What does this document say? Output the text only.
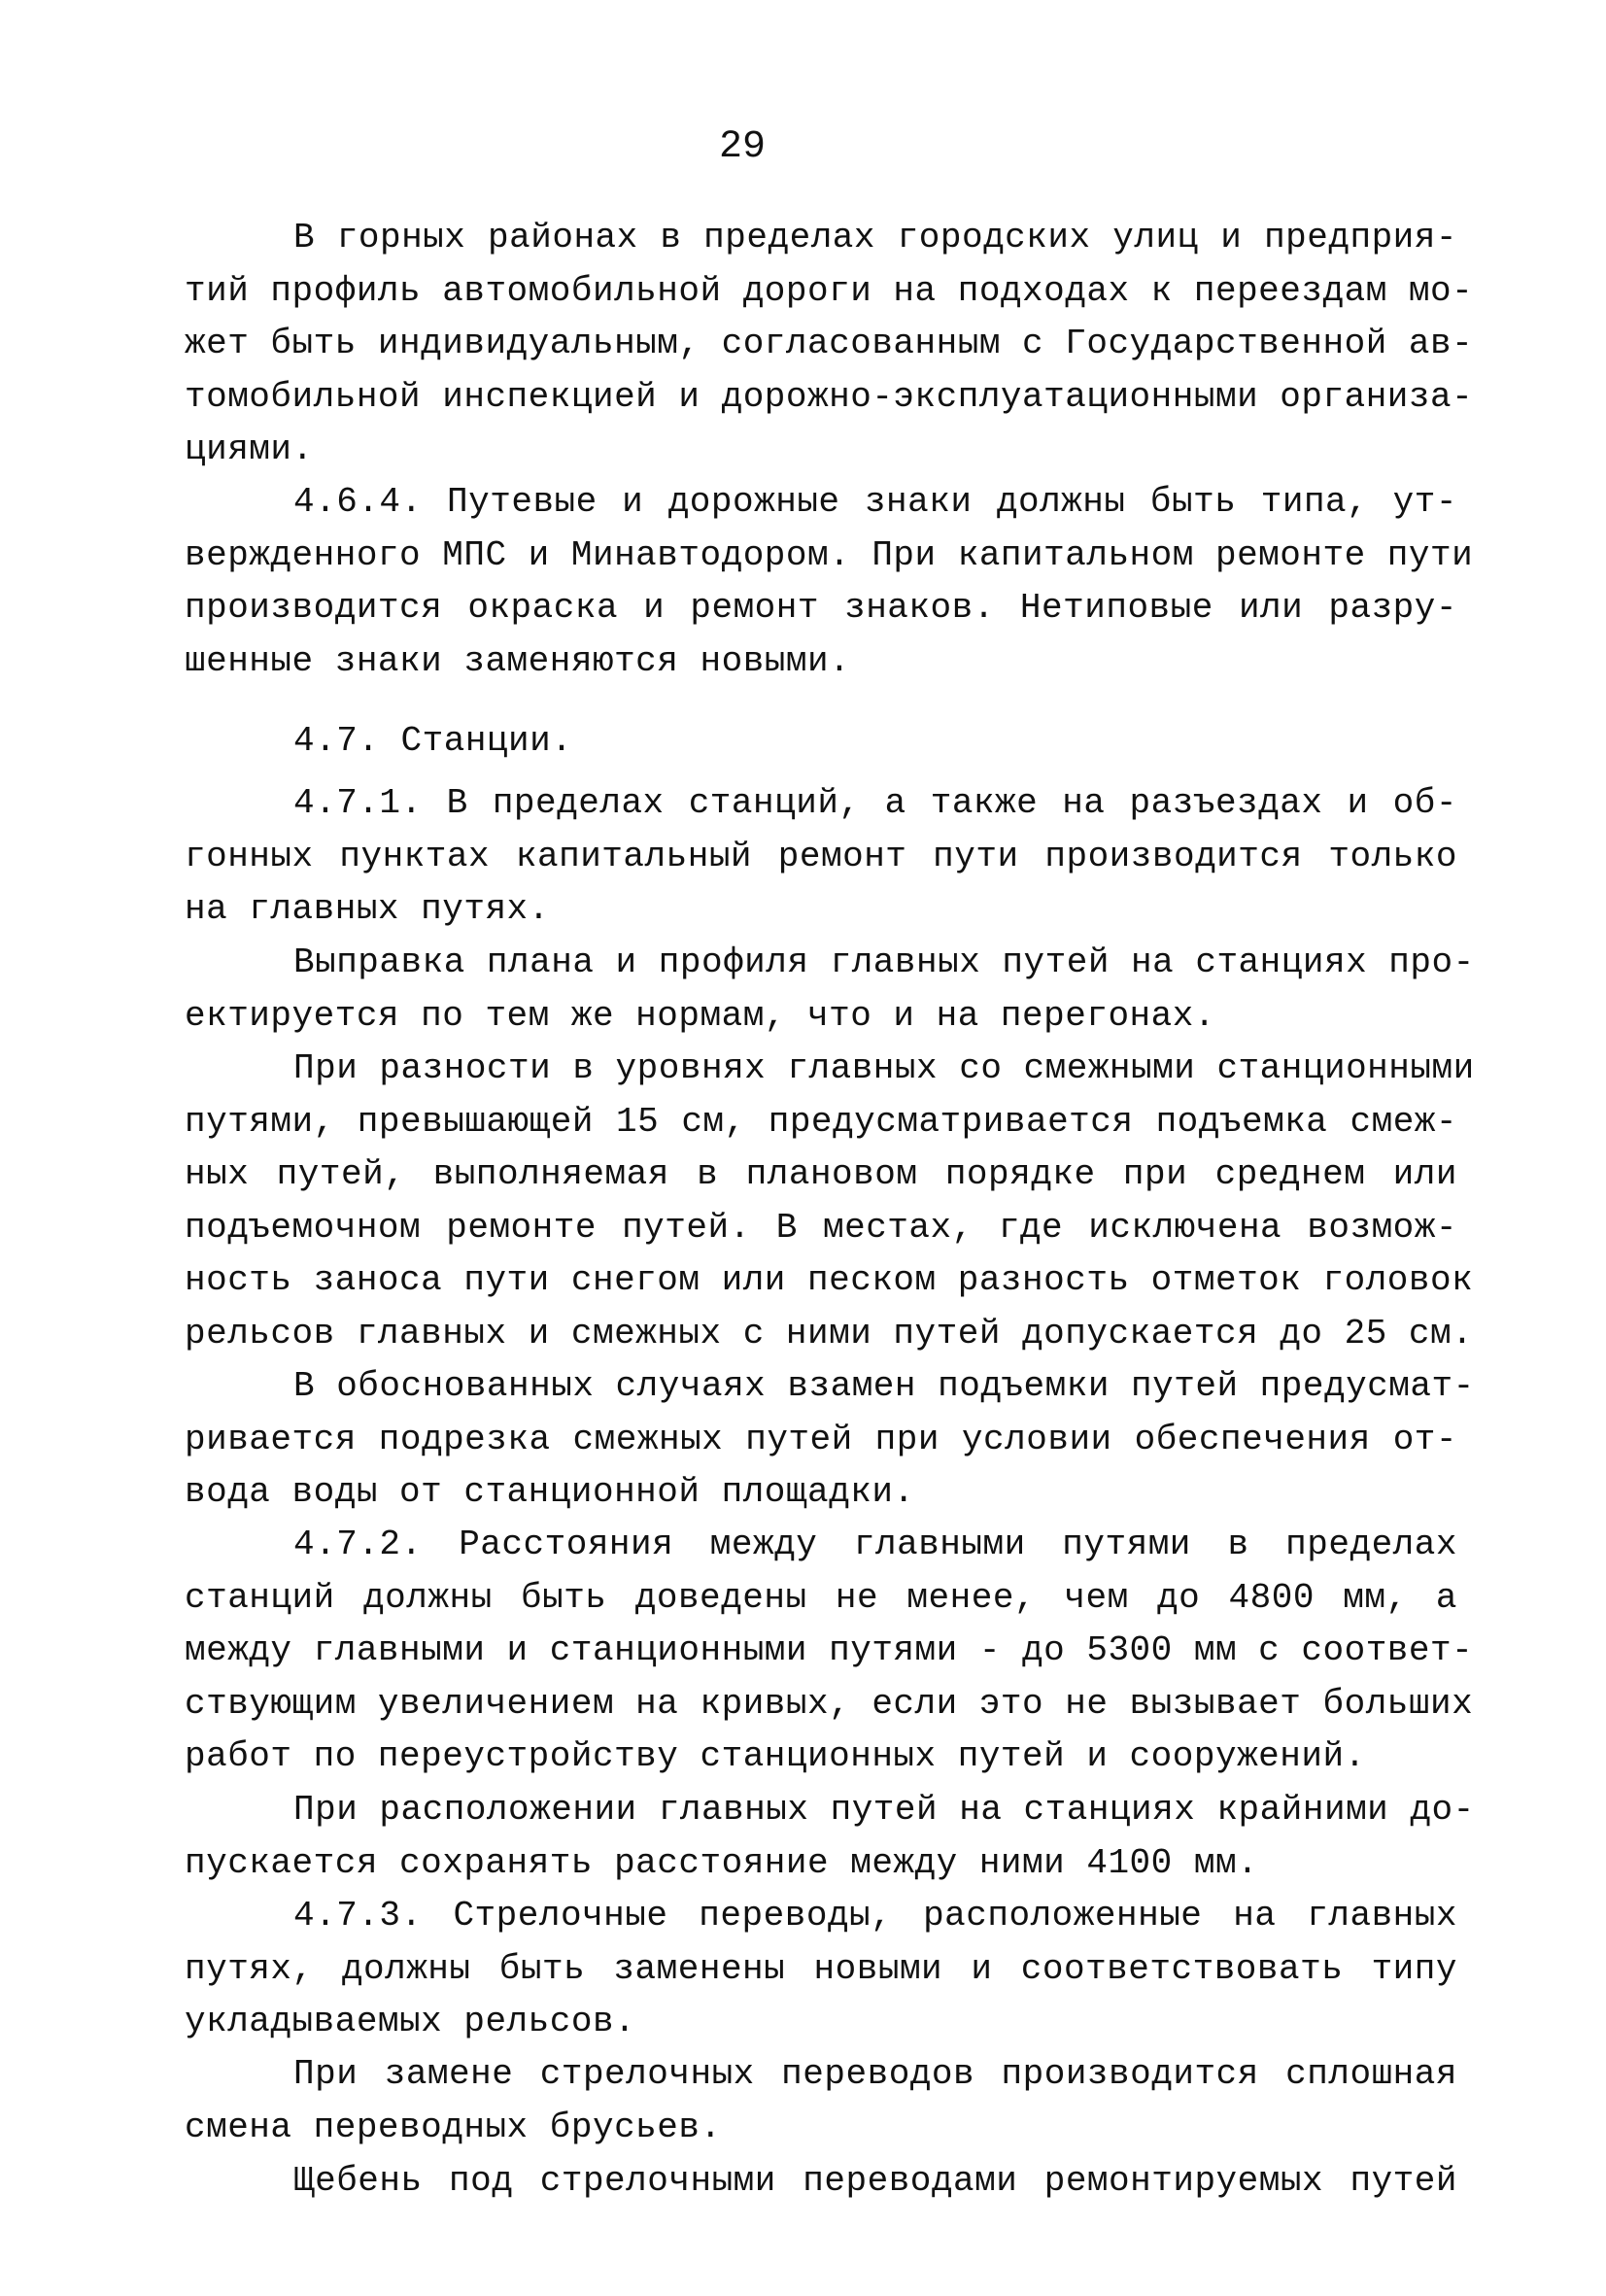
29
В горных районах в пределах городских улиц и предприя-
тий профиль автомобильной дороги на подходах к переездам мо-
жет быть индивидуальным, согласованным с Государственной ав-
томобильной инспекцией и дорожно-эксплуатационными организа-
циями.
4.6.4. Путевые и дорожные знаки должны быть типа, ут-
вержденного МПС и Минавтодором. При капитальном ремонте пути
производится окраска и ремонт знаков. Нетиповые или разру-
шенные знаки заменяются новыми.
4.7. Станции.
4.7.1. В пределах станций, а также на разъездах и об-
гонных пунктах капитальный ремонт пути производится только
на главных путях.
Выправка плана и профиля главных путей на станциях про-
ектируется по тем же нормам, что и на перегонах.
При разности в уровнях главных со смежными станционными
путями, превышающей 15 см, предусматривается подъемка смеж-
ных путей, выполняемая в плановом порядке при среднем или
подъемочном ремонте путей. В местах, где исключена возмож-
ность заноса пути снегом или песком разность отметок головок
рельсов главных и смежных с ними путей допускается до 25 см.
В обоснованных случаях взамен подъемки путей предусмат-
ривается подрезка смежных путей при условии обеспечения от-
вода воды от станционной площадки.
4.7.2. Расстояния между главными путями в пределах
станций должны быть доведены не менее, чем до 4800 мм, а
между главными и станционными путями - до 5300 мм с соответ-
ствующим увеличением на кривых, если это не вызывает больших
работ по переустройству станционных путей и сооружений.
При расположении главных путей на станциях крайними до-
пускается сохранять расстояние между ними 4100 мм.
4.7.3. Стрелочные переводы, расположенные на главных
путях, должны быть заменены новыми и соответствовать типу
укладываемых рельсов.
При замене стрелочных переводов производится сплошная
смена переводных брусьев.
Щебень под стрелочными переводами ремонтируемых путей
